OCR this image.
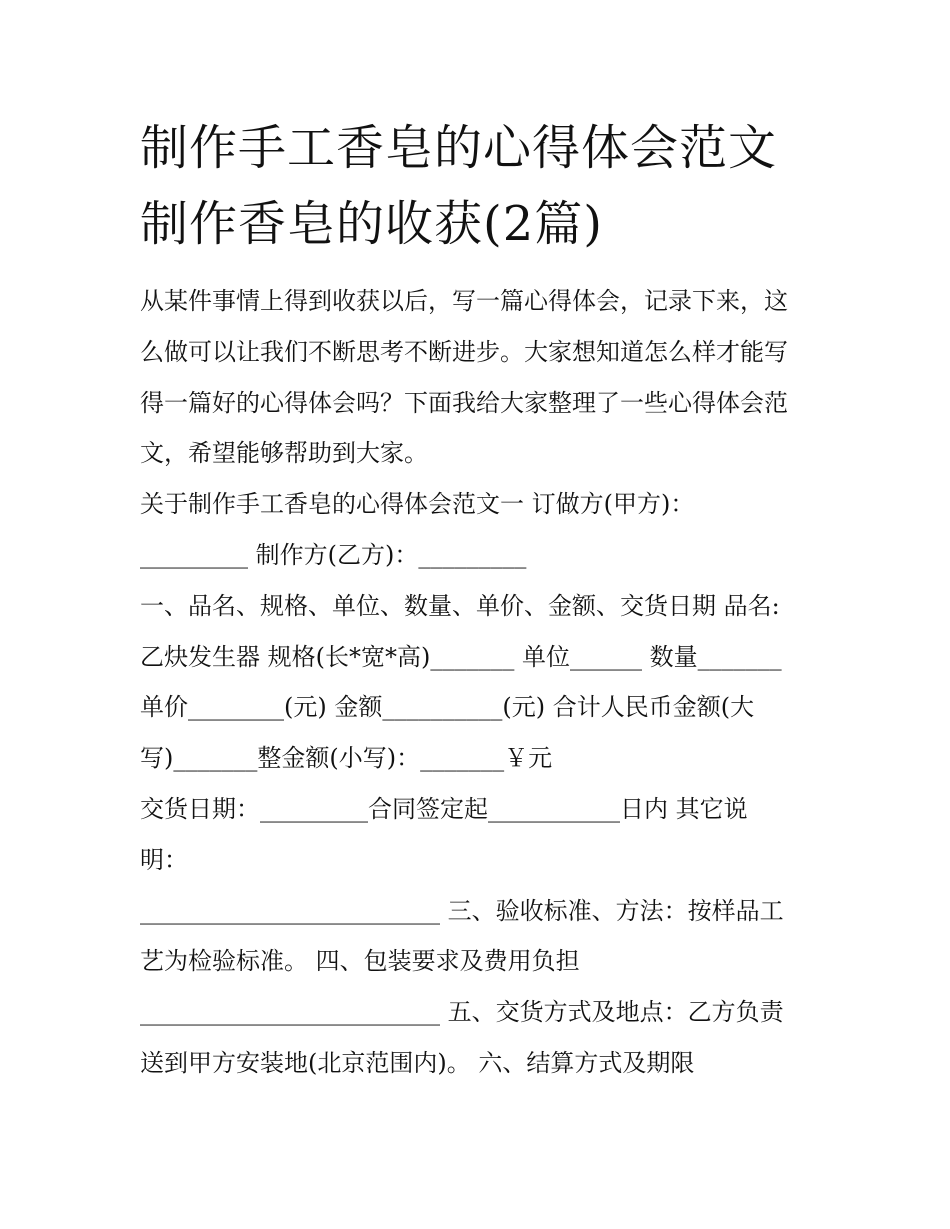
制作手工香皂的心得体会范文
制作香皂的收获(2篇)

从某件事情上得到收获以后，写一篇心得体会，记录下来，这
么做可以让我们不断思考不断进步。大家想知道怎么样才能写
得一篇好的心得体会吗？下面我给大家整理了一些心得体会范
文，希望能够帮助到大家。

关于制作手工香皂的心得体会范文一 订做方(甲方)：
_________ 制作方(乙方)：_________
一、品名、规格、单位、数量、单价、金额、交货日期 品名:
乙炔发生器 规格(长*宽*高)_______ 单位______ 数量_______
单价________(元) 金额__________(元) 合计人民币金额(大
写)_______整金额(小写)：_______￥元
交货日期：_________合同签定起___________日内 其它说
明：
_________________________ 三、验收标准、方法：按样品工
艺为检验标准。 四、包装要求及费用负担
_________________________ 五、交货方式及地点：乙方负责
送到甲方安装地(北京范围内)。 六、结算方式及期限
